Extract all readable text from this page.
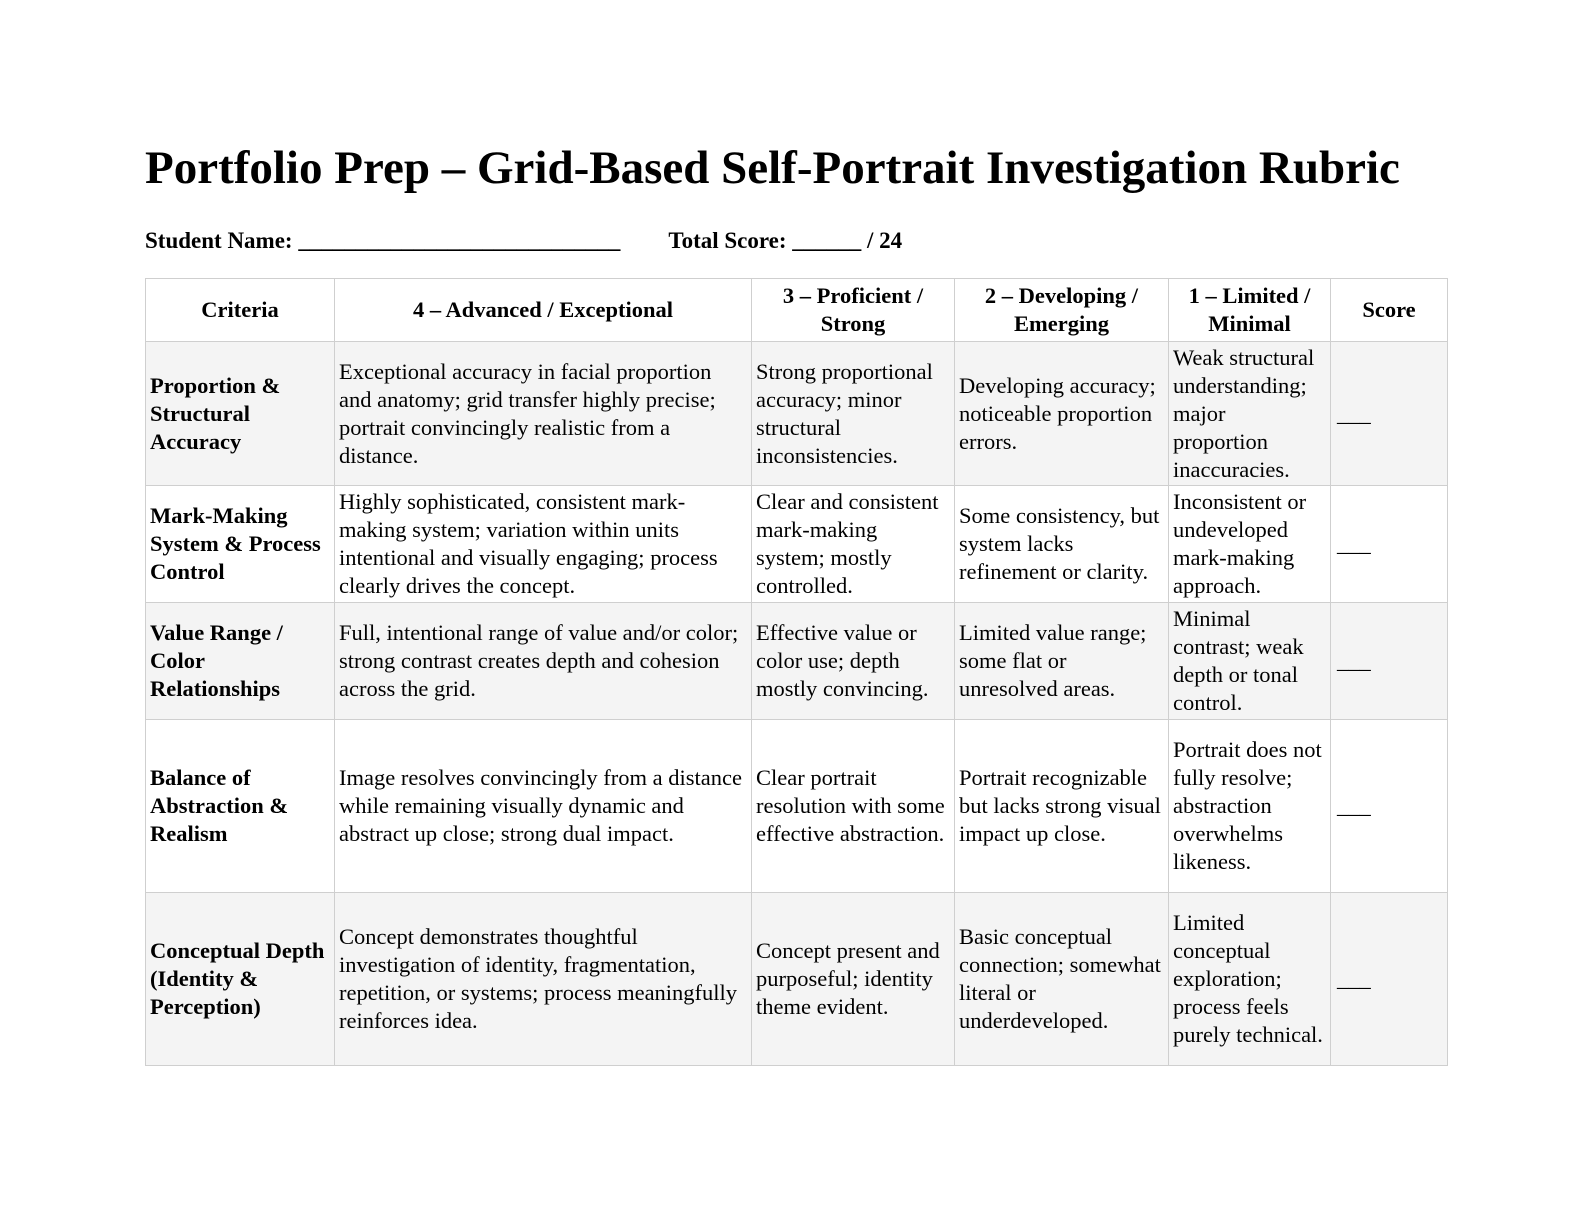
Portfolio Prep – Grid-Based Self-Portrait Investigation Rubric
Student Name: ____________________________ Total Score: ______ / 24
Criteria	4 – Advanced / Exceptional	3 – Proficient / Strong	2 – Developing / Emerging	1 – Limited / Minimal	Score
Proportion & Structural Accuracy	Exceptional accuracy in facial proportion and anatomy; grid transfer highly precise; portrait convincingly realistic from a distance.	Strong proportional accuracy; minor structural inconsistencies.	Developing accuracy; noticeable proportion errors.	Weak structural understanding; major proportion inaccuracies.	___
Mark-Making System & Process Control	Highly sophisticated, consistent mark-making system; variation within units intentional and visually engaging; process clearly drives the concept.	Clear and consistent mark-making system; mostly controlled.	Some consistency, but system lacks refinement or clarity.	Inconsistent or undeveloped mark-making approach.	___
Value Range / Color Relationships	Full, intentional range of value and/or color; strong contrast creates depth and cohesion across the grid.	Effective value or color use; depth mostly convincing.	Limited value range; some flat or unresolved areas.	Minimal contrast; weak depth or tonal control.	___
Balance of Abstraction & Realism	Image resolves convincingly from a distance while remaining visually dynamic and abstract up close; strong dual impact.	Clear portrait resolution with some effective abstraction.	Portrait recognizable but lacks strong visual impact up close.	Portrait does not fully resolve; abstraction overwhelms likeness.	___
Conceptual Depth (Identity & Perception)	Concept demonstrates thoughtful investigation of identity, fragmentation, repetition, or systems; process meaningfully reinforces idea.	Concept present and purposeful; identity theme evident.	Basic conceptual connection; somewhat literal or underdeveloped.	Limited conceptual exploration; process feels purely technical.	___
